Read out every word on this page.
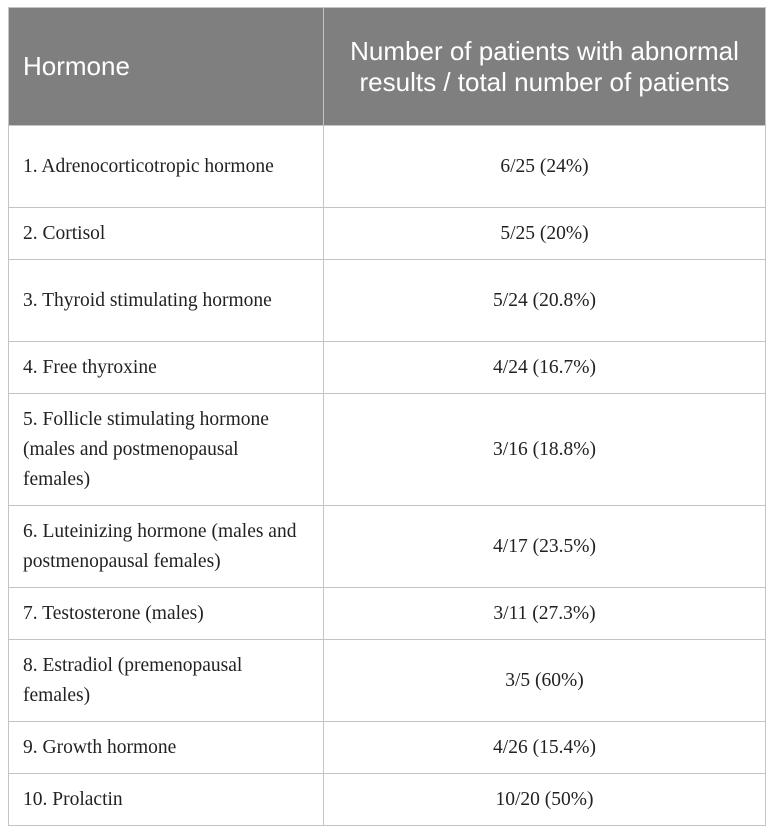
Hormone	Number of patients with abnormal results / total number of patients
1. Adrenocorticotropic hormone	6/25 (24%)
2. Cortisol	5/25 (20%)
3. Thyroid stimulating hormone	5/24 (20.8%)
4. Free thyroxine	4/24 (16.7%)
5. Follicle stimulating hormone (males and postmenopausal females)	3/16 (18.8%)
6. Luteinizing hormone (males and postmenopausal females)	4/17 (23.5%)
7. Testosterone (males)	3/11 (27.3%)
8. Estradiol (premenopausal females)	3/5 (60%)
9. Growth hormone	4/26 (15.4%)
10. Prolactin	10/20 (50%)
